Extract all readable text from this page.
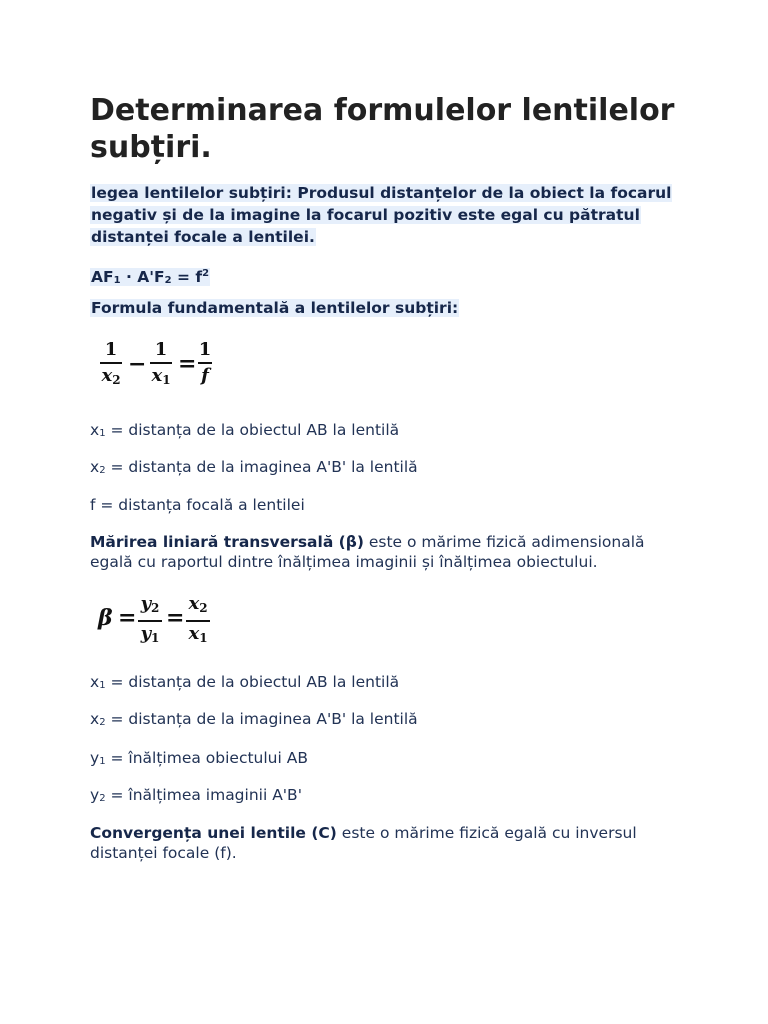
Determinarea formulelor lentilelor subțiri.

legea lentilelor subțiri: Produsul distanțelor de la obiect la focarul negativ și de la imagine la focarul pozitiv este egal cu pătratul distanței focale a lentilei.

$AF_1 \cdot A'F_2 = f^2$

Formula fundamentală a lentilelor subțiri:

1
x2
−
1
x1
=
1
f

$x_1$ = distanța de la obiectul AB la lentilă

$x_2$ = distanța de la imaginea A'B' la lentilă

f = distanța focală a lentilei

Mărirea liniară transversală (β) este o mărime fizică adimensională egală cu raportul dintre înălțimea imaginii și înălțimea obiectului.

β =
y2
y1
=
x2
x1

$x_1$ = distanța de la obiectul AB la lentilă

$x_2$ = distanța de la imaginea A'B' la lentilă

$y_1$ = înălțimea obiectului AB

$y_2$ = înălțimea imaginii A'B'

Convergența unei lentile (C) este o mărime fizică egală cu inversul distanței focale (f).
